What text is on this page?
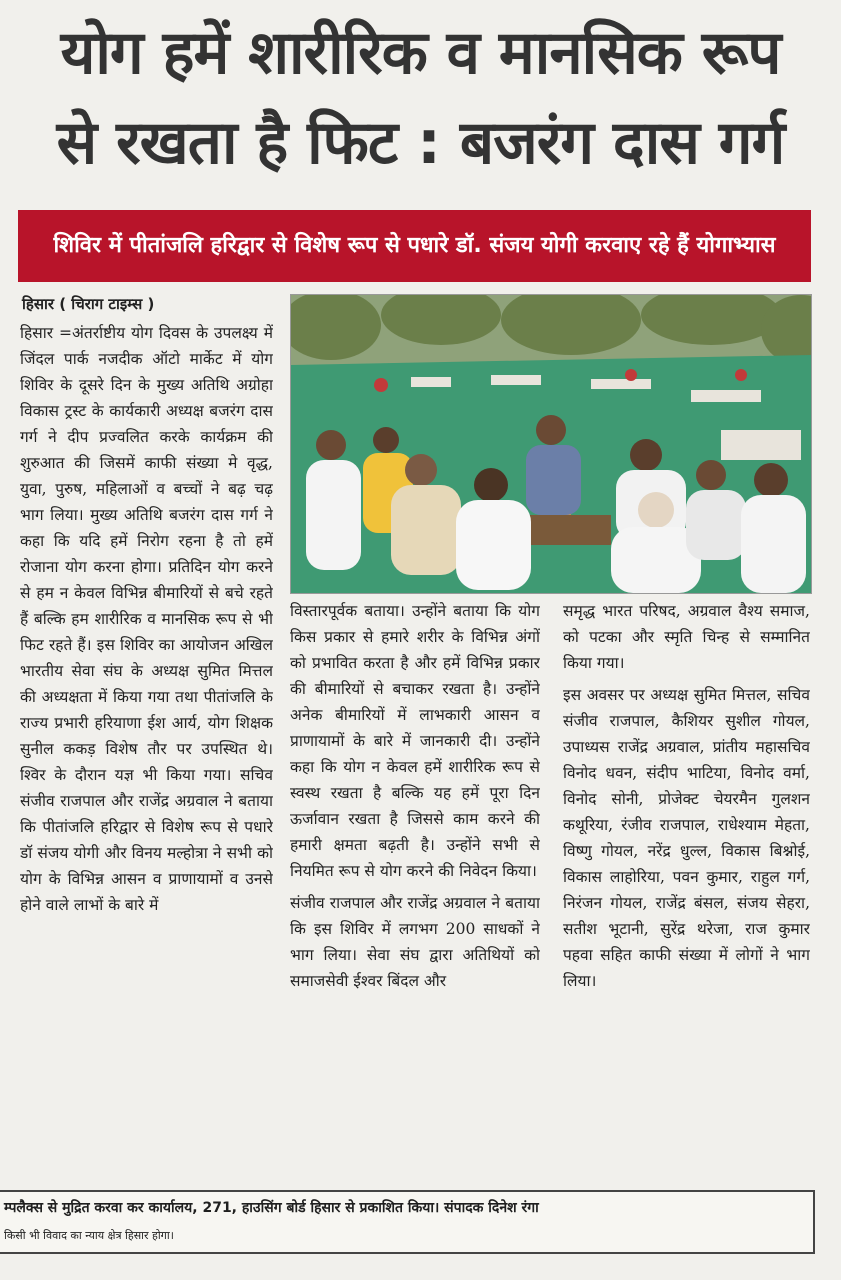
योग हमें शारीरिक व मानसिक रूप
से रखता है फिट : बजरंग दास गर्ग
शिविर में पीतांजलि हरिद्वार से विशेष रूप से पधारे डॉ. संजय योगी करवाए रहे हैं योगाभ्यास
हिसार ( चिराग टाइम्स )

हिसार =अंतर्राष्टीय योग दिवस के उपलक्ष्य में जिंदल पार्क नजदीक ऑटो मार्केट में योग शिविर के दूसरे दिन के मुख्य अतिथि अग्रोहा विकास ट्रस्ट के कार्यकारी अध्यक्ष बजरंग दास गर्ग ने दीप प्रज्वलित करके कार्यक्रम की शुरुआत की जिसमें काफी संख्या मे वृद्ध, युवा, पुरुष, महिलाओं व बच्चों ने बढ़ चढ़ भाग लिया। मुख्य अतिथि बजरंग दास गर्ग ने कहा कि यदि हमें निरोग रहना है तो हमें रोजाना योग करना होगा। प्रतिदिन योग करने से हम न केवल विभिन्न बीमारियों से बचे रहते हैं बल्कि हम शारीरिक व मानसिक रूप से भी फिट रहते हैं। इस शिविर का आयोजन अखिल भारतीय सेवा संघ के अध्यक्ष सुमित मित्तल की अध्यक्षता में किया गया तथा पीतांजलि के राज्य प्रभारी हरियाणा ईश आर्य, योग शिक्षक सुनील ककड़ विशेष तौर पर उपस्थित थे। श्विर के दौरान यज्ञ भी किया गया। सचिव संजीव राजपाल और राजेंद्र अग्रवाल ने बताया कि पीतांजलि हरिद्वार से विशेष रूप से पधारे डॉ संजय योगी और विनय मल्होत्रा ने सभी को योग के विभिन्न आसन व प्राणायामों व उनसे होने वाले लाभों के बारे में

विस्तारपूर्वक बताया। उन्होंने बताया कि योग किस प्रकार से हमारे शरीर के विभिन्न अंगों को प्रभावित करता है और हमें विभिन्न प्रकार की बीमारियों से बचाकर रखता है। उन्होंने अनेक बीमारियों में लाभकारी आसन व प्राणायामों के बारे में जानकारी दी। उन्होंने कहा कि योग न केवल हमें शारीरिक रूप से स्वस्थ रखता है बल्कि यह हमें पूरा दिन ऊर्जावान रखता है जिससे काम करने की हमारी क्षमता बढ़ती है। उन्होंने सभी से नियमित रूप से योग करने की निवेदन किया।

संजीव राजपाल और राजेंद्र अग्रवाल ने बताया कि इस शिविर में लगभग 200 साधकों ने भाग लिया। सेवा संघ द्वारा अतिथियों को समाजसेवी ईश्वर बिंदल और

समृद्ध भारत परिषद, अग्रवाल वैश्य समाज, को पटका और स्मृति चिन्ह से सम्मानित किया गया।

इस अवसर पर अध्यक्ष सुमित मित्तल, सचिव संजीव राजपाल, कैशियर सुशील गोयल, उपाध्यस राजेंद्र अग्रवाल, प्रांतीय महासचिव विनोद धवन, संदीप भाटिया, विनोद वर्मा, विनोद सोनी, प्रोजेक्ट चेयरमैन गुलशन कथूरिया, रंजीव राजपाल, राधेश्याम मेहता, विष्णु गोयल, नरेंद्र धुल्ल, विकास बिश्नोई, विकास लाहोरिया, पवन कुमार, राहुल गर्ग, निरंजन गोयल, राजेंद्र बंसल, संजय सेहरा, सतीश भूटानी, सुरेंद्र थरेजा, राज कुमार पहवा सहित काफी संख्या में लोगों ने भाग लिया।

म्पलैक्स से मुद्रित करवा कर कार्यालय, 271, हाउसिंग बोर्ड हिसार से प्रकाशित किया। संपादक दिनेश रंगा
किसी भी विवाद का न्याय क्षेत्र हिसार होगा।
